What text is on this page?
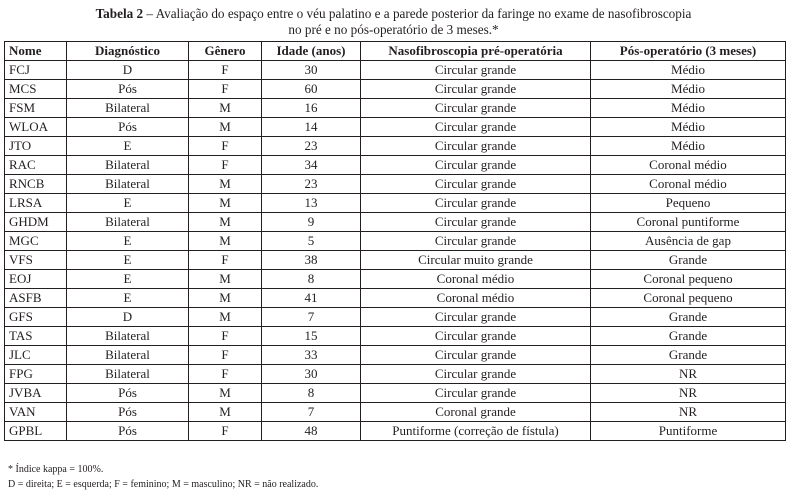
Tabela 2 – Avaliação do espaço entre o véu palatino e a parede posterior da faringe no exame de nasofibroscopia
no pré e no pós-operatório de 3 meses.*
Nome	Diagnóstico	Gênero	Idade (anos)	Nasofibroscopia pré-operatória	Pós-operatório (3 meses)
FCJ	D	F	30	Circular grande	Médio
MCS	Pós	F	60	Circular grande	Médio
FSM	Bilateral	M	16	Circular grande	Médio
WLOA	Pós	M	14	Circular grande	Médio
JTO	E	F	23	Circular grande	Médio
RAC	Bilateral	F	34	Circular grande	Coronal médio
RNCB	Bilateral	M	23	Circular grande	Coronal médio
LRSA	E	M	13	Circular grande	Pequeno
GHDM	Bilateral	M	9	Circular grande	Coronal puntiforme
MGC	E	M	5	Circular grande	Ausência de gap
VFS	E	F	38	Circular muito grande	Grande
EOJ	E	M	8	Coronal médio	Coronal pequeno
ASFB	E	M	41	Coronal médio	Coronal pequeno
GFS	D	M	7	Circular grande	Grande
TAS	Bilateral	F	15	Circular grande	Grande
JLC	Bilateral	F	33	Circular grande	Grande
FPG	Bilateral	F	30	Circular grande	NR
JVBA	Pós	M	8	Circular grande	NR
VAN	Pós	M	7	Coronal grande	NR
GPBL	Pós	F	48	Puntiforme (correção de fístula)	Puntiforme
* Índice kappa = 100%.
D = direita; E = esquerda; F = feminino; M = masculino; NR = não realizado.
